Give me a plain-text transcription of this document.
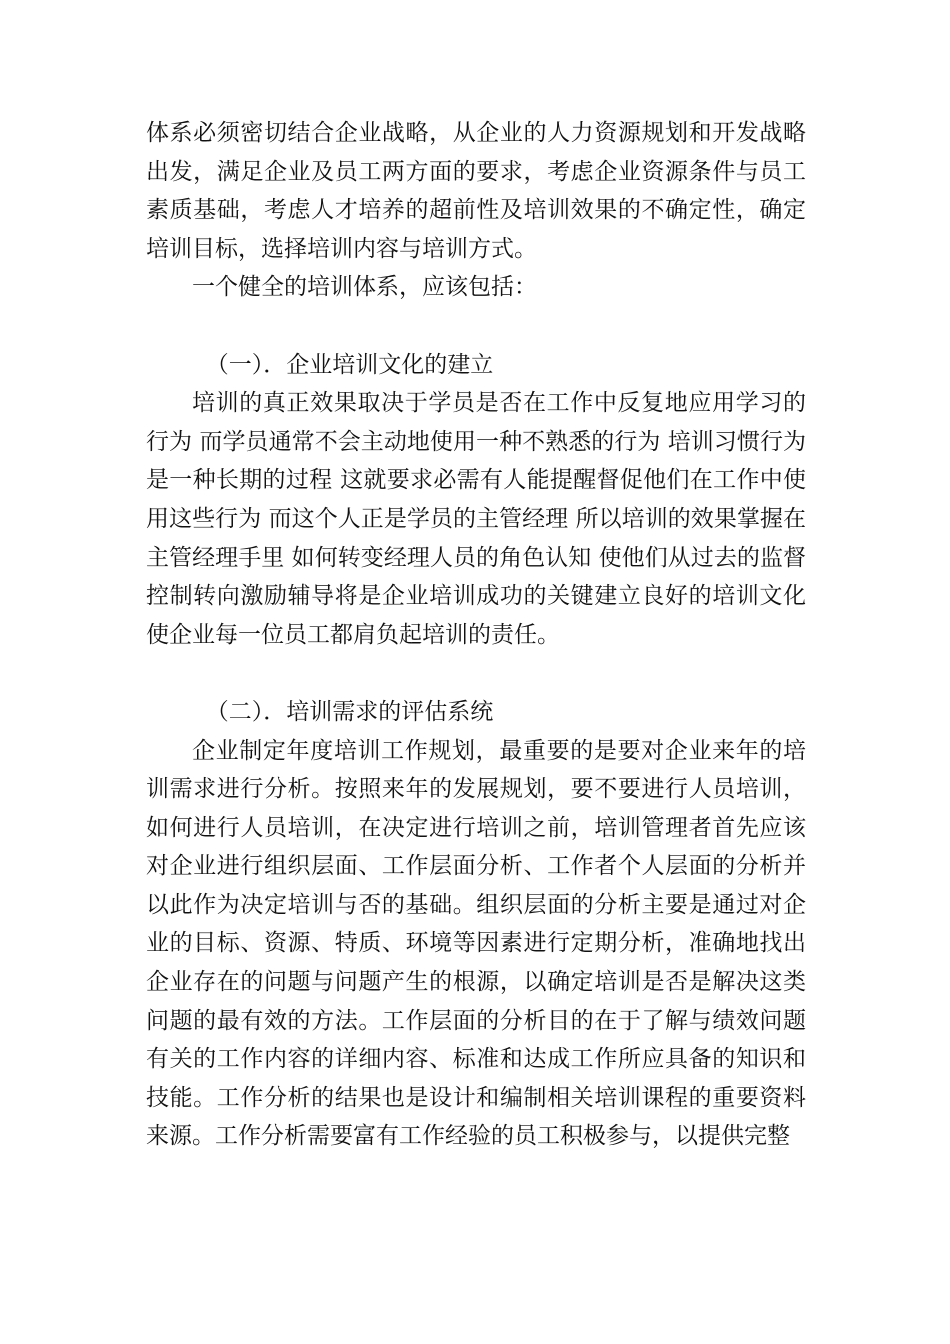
体系必须密切结合企业战略，从企业的人力资源规划和开发战略出发，满足企业及员工两方面的要求，考虑企业资源条件与员工素质基础，考虑人才培养的超前性及培训效果的不确定性，确定培训目标，选择培训内容与培训方式。

一个健全的培训体系，应该包括：

（一）．企业培训文化的建立

培训的真正效果取决于学员是否在工作中反复地应用学习的行为 而学员通常不会主动地使用一种不熟悉的行为 培训习惯行为是一种长期的过程 这就要求必需有人能提醒督促他们在工作中使用这些行为 而这个人正是学员的主管经理 所以培训的效果掌握在主管经理手里 如何转变经理人员的角色认知 使他们从过去的监督 控制转向激励辅导将是企业培训成功的关键建立良好的培训文化使企业每一位员工都肩负起培训的责任。

（二）．培训需求的评估系统

企业制定年度培训工作规划，最重要的是要对企业来年的培训需求进行分析。按照来年的发展规划，要不要进行人员培训，如何进行人员培训，在决定进行培训之前，培训管理者首先应该对企业进行组织层面、工作层面分析、工作者个人层面的分析并以此作为决定培训与否的基础。组织层面的分析主要是通过对企业的目标、资源、特质、环境等因素进行定期分析，准确地找出企业存在的问题与问题产生的根源，以确定培训是否是解决这类问题的最有效的方法。工作层面的分析目的在于了解与绩效问题有关的工作内容的详细内容、标准和达成工作所应具备的知识和技能。工作分析的结果也是设计和编制相关培训课程的重要资料来源。工作分析需要富有工作经验的员工积极参与，以提供完整
